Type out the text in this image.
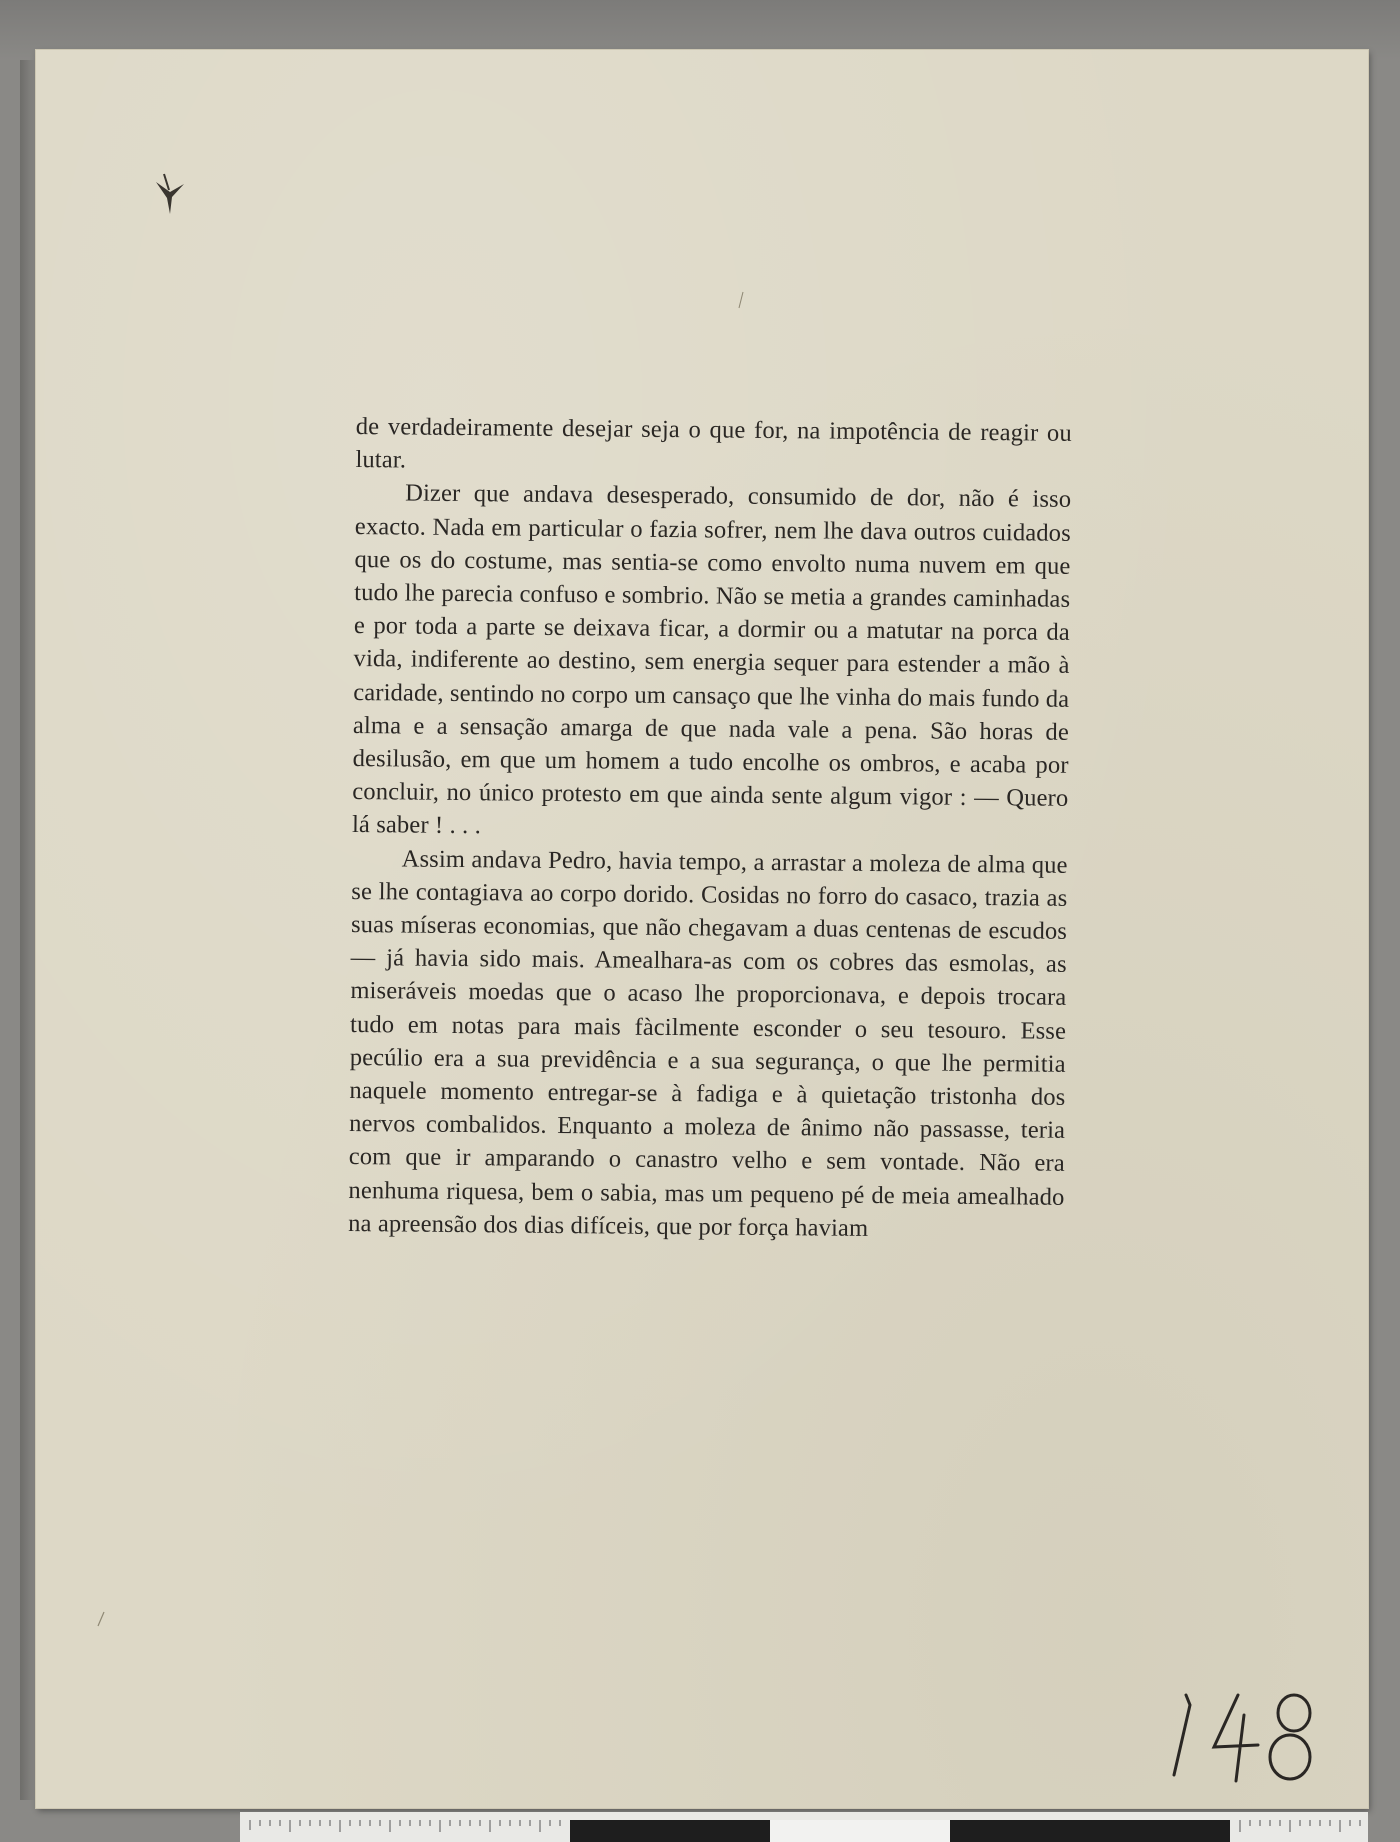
de verdadeiramente desejar seja o que for, na impotência de reagir ou lutar.

Dizer que andava desesperado, consumido de dor, não é isso exacto. Nada em particular o fazia sofrer, nem lhe dava outros cuidados que os do costume, mas sentia-se como envolto numa nuvem em que tudo lhe parecia confuso e sombrio. Não se metia a grandes caminhadas e por toda a parte se deixava ficar, a dormir ou a matutar na porca da vida, indiferente ao destino, sem energia sequer para estender a mão à caridade, sentindo no corpo um cansaço que lhe vinha do mais fundo da alma e a sensação amarga de que nada vale a pena. São horas de desilusão, em que um homem a tudo encolhe os ombros, e acaba por concluir, no único protesto em que ainda sente algum vigor : — Quero lá saber ! . . .

Assim andava Pedro, havia tempo, a arrastar a moleza de alma que se lhe contagiava ao corpo dorido. Cosidas no forro do casaco, trazia as suas míseras economias, que não chegavam a duas centenas de escudos — já havia sido mais. Amealhara-as com os cobres das esmolas, as miseráveis moedas que o acaso lhe proporcionava, e depois trocara tudo em notas para mais fàcilmente esconder o seu tesouro. Esse pecúlio era a sua previdência e a sua segurança, o que lhe permitia naquele momento entregar-se à fadiga e à quietação tristonha dos nervos combalidos. Enquanto a moleza de ânimo não passasse, teria com que ir amparando o canastro velho e sem vontade. Não era nenhuma riquesa, bem o sabia, mas um pequeno pé de meia amealhado na apreensão dos dias difíceis, que por força haviam

148
